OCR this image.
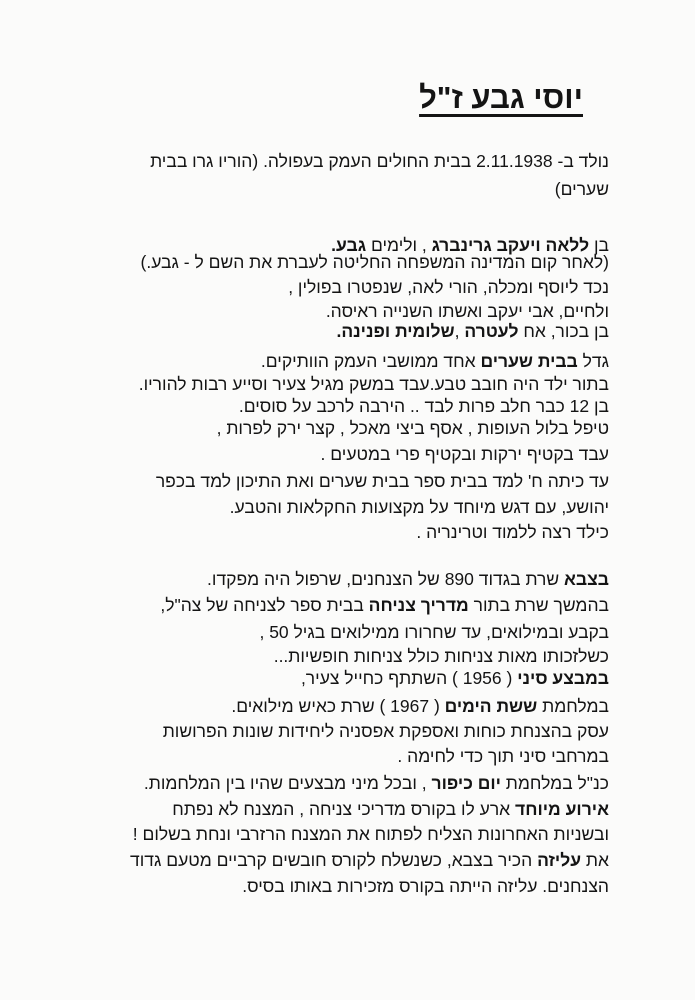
יוסי גבע ז"ל
נולד ב- 2.11.1938 בבית החולים העמק בעפולה. (הוריו גרו בבית
שערים)
בן ללאה ויעקב גרינברג , ולימים גבע.
(לאחר קום המדינה המשפחה החליטה לעברת את השם ל - גבע.)
נכד ליוסף ומכלה, הורי לאה, שנפטרו בפולין ,
ולחיים, אבי יעקב ואשתו השנייה ראיסה.
בן בכור, אח לעטרה ,שלומית ופנינה.
גדל בבית שערים אחד ממושבי העמק הוותיקים.
בתור ילד היה חובב טבע.עבד במשק מגיל צעיר וסייע רבות להוריו.
בן 12 כבר חלב פרות לבד .. הירבה לרכב על סוסים.
טיפל בלול העופות , אסף ביצי מאכל , קצר ירק לפרות ,
עבד בקטיף ירקות ובקטיף פרי במטעים .
עד כיתה ח' למד בבית ספר בבית שערים ואת התיכון למד בכפר
יהושע, עם דגש מיוחד על מקצועות החקלאות והטבע.
כילד רצה ללמוד וטרינריה .
בצבא שרת בגדוד 890 של הצנחנים, שרפול היה מפקדו.
בהמשך שרת בתור מדריך צניחה בבית ספר לצניחה של צה"ל,
בקבע ובמילואים, עד שחרורו ממילואים בגיל 50 ,
כשלזכותו מאות צניחות כולל צניחות חופשיות...
במבצע סיני ( 1956 ) השתתף כחייל צעיר,
במלחמת ששת הימים ( 1967 ) שרת כאיש מילואים.
עסק בהצנחת כוחות ואספקת אפסניה ליחידות שונות הפרושות
במרחבי סיני תוך כדי לחימה .
כנ"ל במלחמת יום כיפור , ובכל מיני מבצעים שהיו בין המלחמות.
אירוע מיוחד ארע לו בקורס מדריכי צניחה , המצנח לא נפתח
ובשניות האחרונות הצליח לפתוח את המצנח הרזרבי ונחת בשלום !
את עליזה הכיר בצבא, כשנשלח לקורס חובשים קרביים מטעם גדוד
הצנחנים. עליזה הייתה בקורס מזכירות באותו בסיס.
